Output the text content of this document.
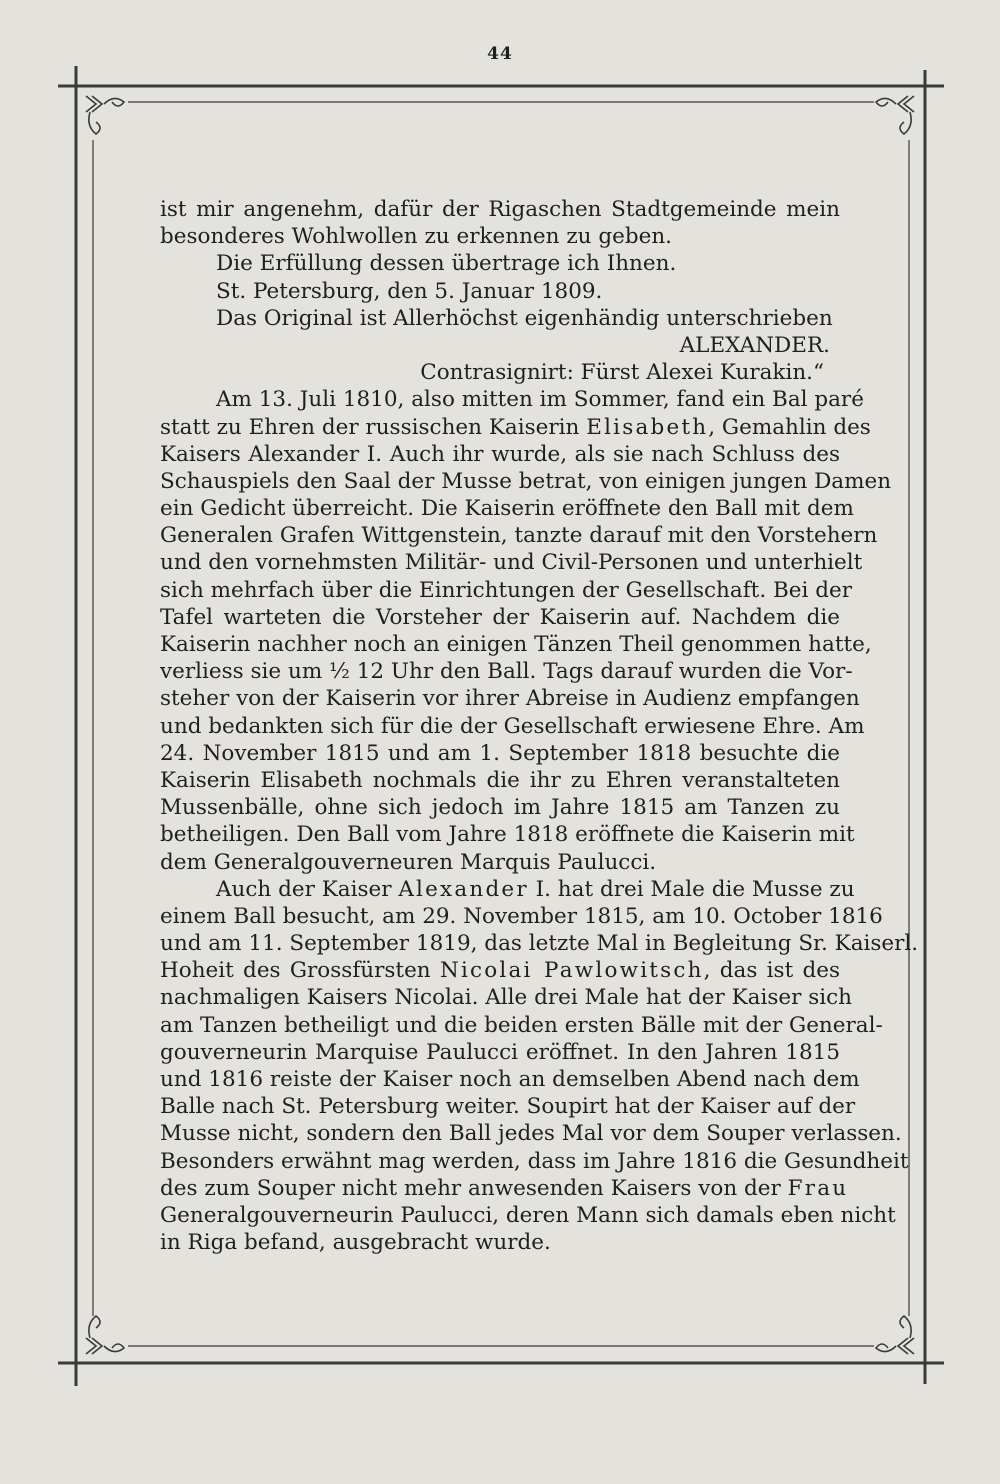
44
ist mir angenehm, dafür der Rigaschen Stadtgemeinde mein
besonderes Wohlwollen zu erkennen zu geben.
Die Erfüllung dessen übertrage ich Ihnen.
St. Petersburg, den 5. Januar 1809.
Das Original ist Allerhöchst eigenhändig unterschrieben
ALEXANDER.
Contrasignirt: Fürst Alexei Kurakin.“
Am 13. Juli 1810, also mitten im Sommer, fand ein Bal paré
statt zu Ehren der russischen Kaiserin Elisabeth, Gemahlin des
Kaisers Alexander I. Auch ihr wurde, als sie nach Schluss des
Schauspiels den Saal der Musse betrat, von einigen jungen Damen
ein Gedicht überreicht. Die Kaiserin eröffnete den Ball mit dem
Generalen Grafen Wittgenstein, tanzte darauf mit den Vorstehern
und den vornehmsten Militär- und Civil-Personen und unterhielt
sich mehrfach über die Einrichtungen der Gesellschaft. Bei der
Tafel warteten die Vorsteher der Kaiserin auf. Nachdem die
Kaiserin nachher noch an einigen Tänzen Theil genommen hatte,
verliess sie um ½ 12 Uhr den Ball. Tags darauf wurden die Vor-
steher von der Kaiserin vor ihrer Abreise in Audienz empfangen
und bedankten sich für die der Gesellschaft erwiesene Ehre. Am
24. November 1815 und am 1. September 1818 besuchte die
Kaiserin Elisabeth nochmals die ihr zu Ehren veranstalteten
Mussenbälle, ohne sich jedoch im Jahre 1815 am Tanzen zu
betheiligen. Den Ball vom Jahre 1818 eröffnete die Kaiserin mit
dem Generalgouverneuren Marquis Paulucci.
Auch der Kaiser Alexander I. hat drei Male die Musse zu
einem Ball besucht, am 29. November 1815, am 10. October 1816
und am 11. September 1819, das letzte Mal in Begleitung Sr. Kaiserl.
Hoheit des Grossfürsten Nicolai Pawlowitsch, das ist des
nachmaligen Kaisers Nicolai. Alle drei Male hat der Kaiser sich
am Tanzen betheiligt und die beiden ersten Bälle mit der General-
gouverneurin Marquise Paulucci eröffnet. In den Jahren 1815
und 1816 reiste der Kaiser noch an demselben Abend nach dem
Balle nach St. Petersburg weiter. Soupirt hat der Kaiser auf der
Musse nicht, sondern den Ball jedes Mal vor dem Souper verlassen.
Besonders erwähnt mag werden, dass im Jahre 1816 die Gesundheit
des zum Souper nicht mehr anwesenden Kaisers von der Frau
Generalgouverneurin Paulucci, deren Mann sich damals eben nicht
in Riga befand, ausgebracht wurde.
